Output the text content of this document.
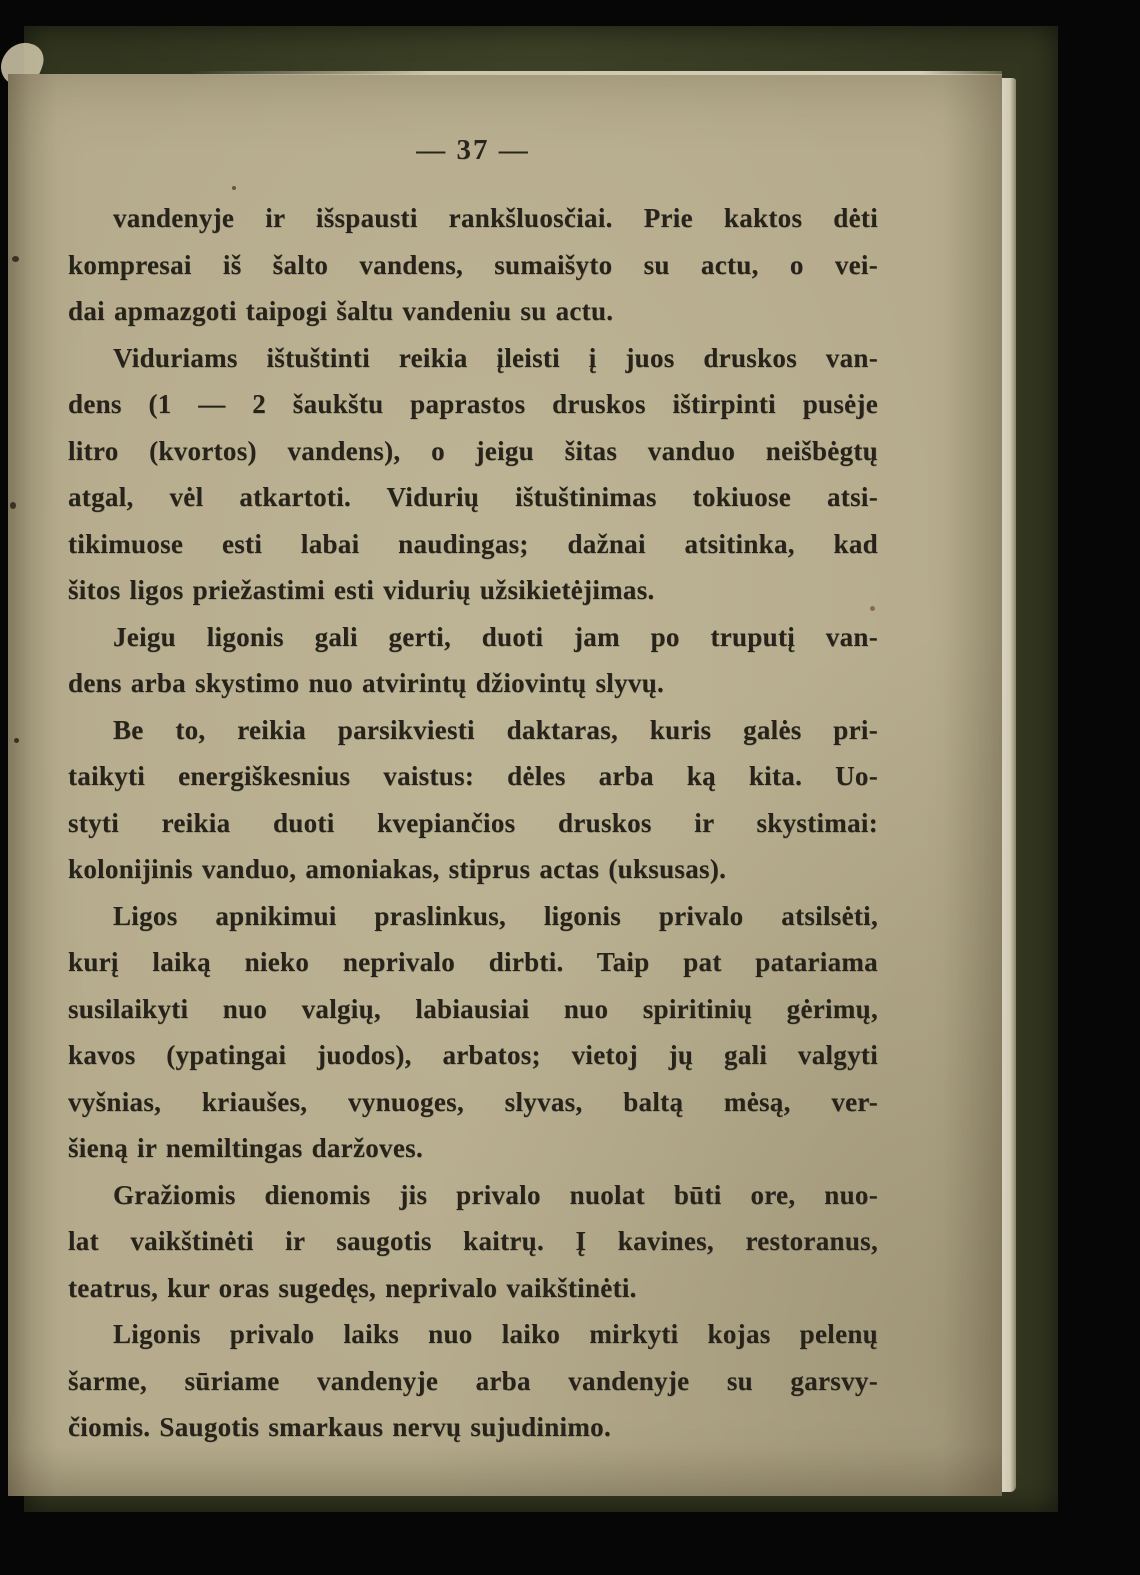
— 37 —

vandenyje ir išspausti rankšluosčiai. Prie kaktos dėti
kompresai iš šalto vandens, sumaišyto su actu, o vei-
dai apmazgoti taipogi šaltu vandeniu su actu.

Viduriams ištuštinti reikia įleisti į juos druskos van-
dens (1 — 2 šaukštu paprastos druskos ištirpinti pusėje
litro (kvortos) vandens), o jeigu šitas vanduo neišbėgtų
atgal, vėl atkartoti. Vidurių ištuštinimas tokiuose atsi-
tikimuose esti labai naudingas; dažnai atsitinka, kad
šitos ligos priežastimi esti vidurių užsikietėjimas.

Jeigu ligonis gali gerti, duoti jam po truputį van-
dens arba skystimo nuo atvirintų džiovintų slyvų.

Be to, reikia parsikviesti daktaras, kuris galės pri-
taikyti energiškesnius vaistus: dėles arba ką kita. Uo-
styti reikia duoti kvepiančios druskos ir skystimai:
kolonijinis vanduo, amoniakas, stiprus actas (uksusas).

Ligos apnikimui praslinkus, ligonis privalo atsilsėti,
kurį laiką nieko neprivalo dirbti. Taip pat patariama
susilaikyti nuo valgių, labiausiai nuo spiritinių gėrimų,
kavos (ypatingai juodos), arbatos; vietoj jų gali valgyti
vyšnias, kriaušes, vynuoges, slyvas, baltą mėsą, ver-
šieną ir nemiltingas daržoves.

Gražiomis dienomis jis privalo nuolat būti ore, nuo-
lat vaikštinėti ir saugotis kaitrų. Į kavines, restoranus,
teatrus, kur oras sugedęs, neprivalo vaikštinėti.

Ligonis privalo laiks nuo laiko mirkyti kojas pelenų
šarme, sūriame vandenyje arba vandenyje su garsvy-
čiomis. Saugotis smarkaus nervų sujudinimo.
